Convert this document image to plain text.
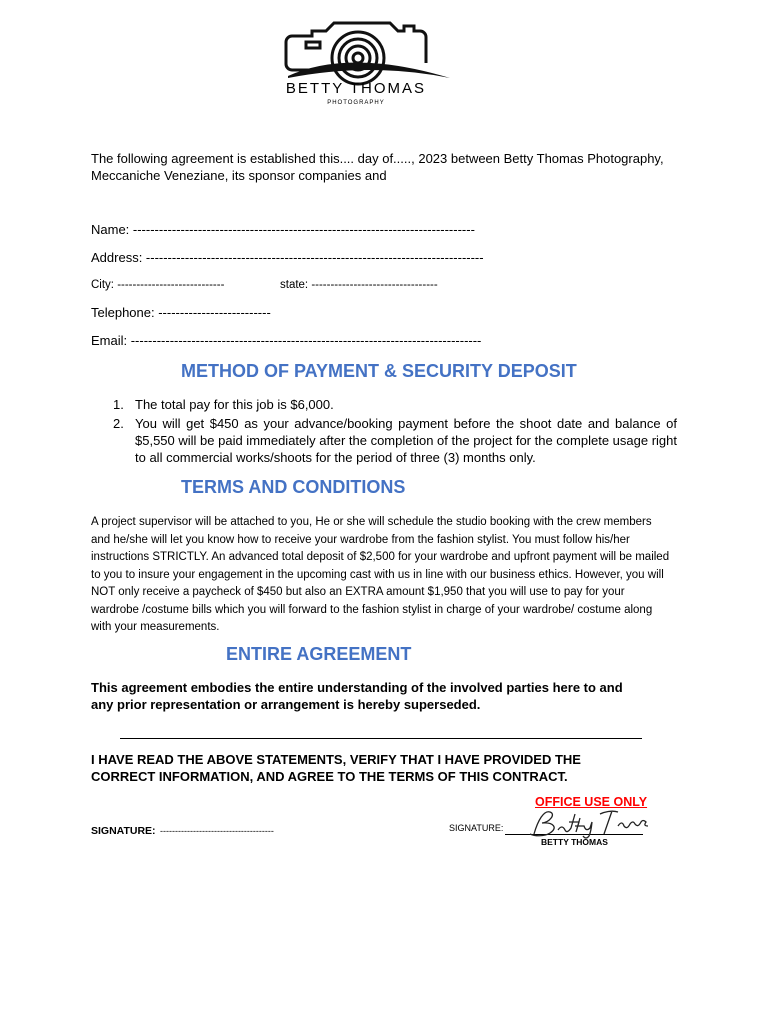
BETTY THOMAS
PHOTOGRAPHY
The following agreement is established this.... day of....., 2023 between Betty Thomas Photography, Meccaniche Veneziane, its sponsor companies and
Name: -------------------------------------------------------------------------------
Address: ------------------------------------------------------------------------------
City: ----------------------------	state: ---------------------------------
Telephone: --------------------------
Email: ---------------------------------------------------------------------------------
METHOD OF PAYMENT & SECURITY DEPOSIT
1. The total pay for this job is $6,000.
2. You will get $450 as your advance/booking payment before the shoot date and balance of $5,550 will be paid immediately after the completion of the project for the complete usage right to all commercial works/shoots for the period of three (3) months only.
TERMS AND CONDITIONS
A project supervisor will be attached to you, He or she will schedule the studio booking with the crew members and he/she will let you know how to receive your wardrobe from the fashion stylist. You must follow his/her instructions STRICTLY. An advanced total deposit of $2,500 for your wardrobe and upfront payment will be mailed to you to insure your engagement in the upcoming cast with us in line with our business ethics. However, you will NOT only receive a paycheck of $450 but also an EXTRA amount $1,950 that you will use to pay for your wardrobe /costume bills which you will forward to the fashion stylist in charge of your wardrobe/ costume along with your measurements.
ENTIRE AGREEMENT
This agreement embodies the entire understanding of the involved parties here to and any prior representation or arrangement is hereby superseded.
I HAVE READ THE ABOVE STATEMENTS, VERIFY THAT I HAVE PROVIDED THE CORRECT INFORMATION, AND AGREE TO THE TERMS OF THIS CONTRACT.
OFFICE USE ONLY
SIGNATURE: --------------------------------------	SIGNATURE:
BETTY THOMAS
